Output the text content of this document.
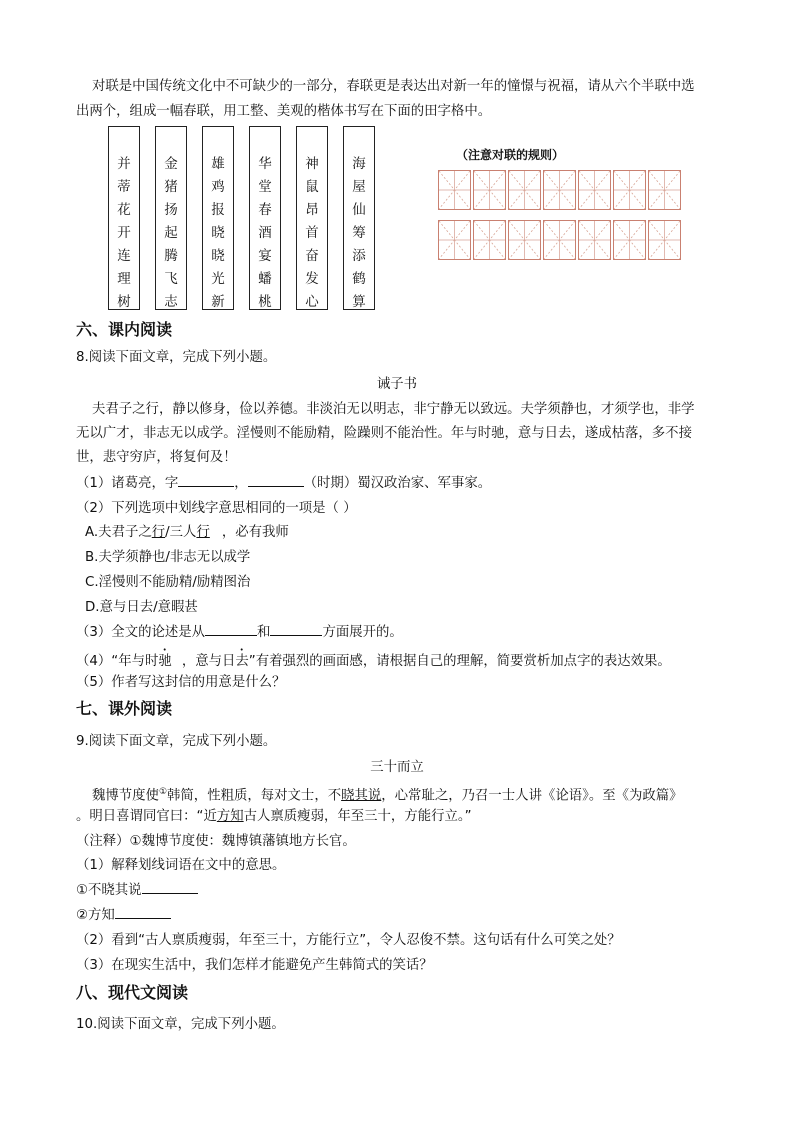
对联是中国传统文化中不可缺少的一部分，春联更是表达出对新一年的憧憬与祝福，请从六个半联中选
出两个，组成一幅春联，用工整、美观的楷体书写在下面的田字格中。
并
蒂
花
开
连
理
树
金
猪
扬
起
腾
飞
志
雄
鸡
报
晓
晓
光
新
华
堂
春
酒
宴
蟠
桃
神
鼠
昂
首
奋
发
心
海
屋
仙
筹
添
鹤
算
（注意对联的规则）
六、课内阅读
8.阅读下面文章，完成下列小题。
诫子书
夫君子之行，静以修身，俭以养德。非淡泊无以明志，非宁静无以致远。夫学须静也，才须学也，非学
无以广才，非志无以成学。淫慢则不能励精，险躁则不能治性。年与时驰，意与日去，遂成枯落，多不接
世，悲守穷庐，将复何及！
（1）诸葛亮，字	，	（时期）蜀汉政治家、军事家。
（2）下列选项中划线字意思相同的一项是（ ）
A.夫君子之行/三人行 ，必有我师
B.夫学须静也/非志无以成学
C.淫慢则不能励精/励精图治
D.意与日去/意暇甚
（3）全文的论述是从	和	方面展开的。
（4）“年与时驰 ，意与日去”有着强烈的画面感，请根据自己的理解，简要赏析加点字的表达效果。
（5）作者写这封信的用意是什么？
七、课外阅读
9.阅读下面文章，完成下列小题。
三十而立
魏博节度使①韩简，性粗质，每对文士，不晓其说，心常耻之，乃召一士人讲《论语》。至《为政篇》
。明日喜谓同官曰：“近方知古人禀质瘦弱，年至三十，方能行立。”
（注释）①魏博节度使：魏博镇藩镇地方长官。
（1）解释划线词语在文中的意思。
①不晓其说
②方知
（2）看到“古人禀质瘦弱，年至三十，方能行立”，令人忍俊不禁。这句话有什么可笑之处？
（3）在现实生活中，我们怎样才能避免产生韩简式的笑话？
八、现代文阅读
10.阅读下面文章，完成下列小题。
